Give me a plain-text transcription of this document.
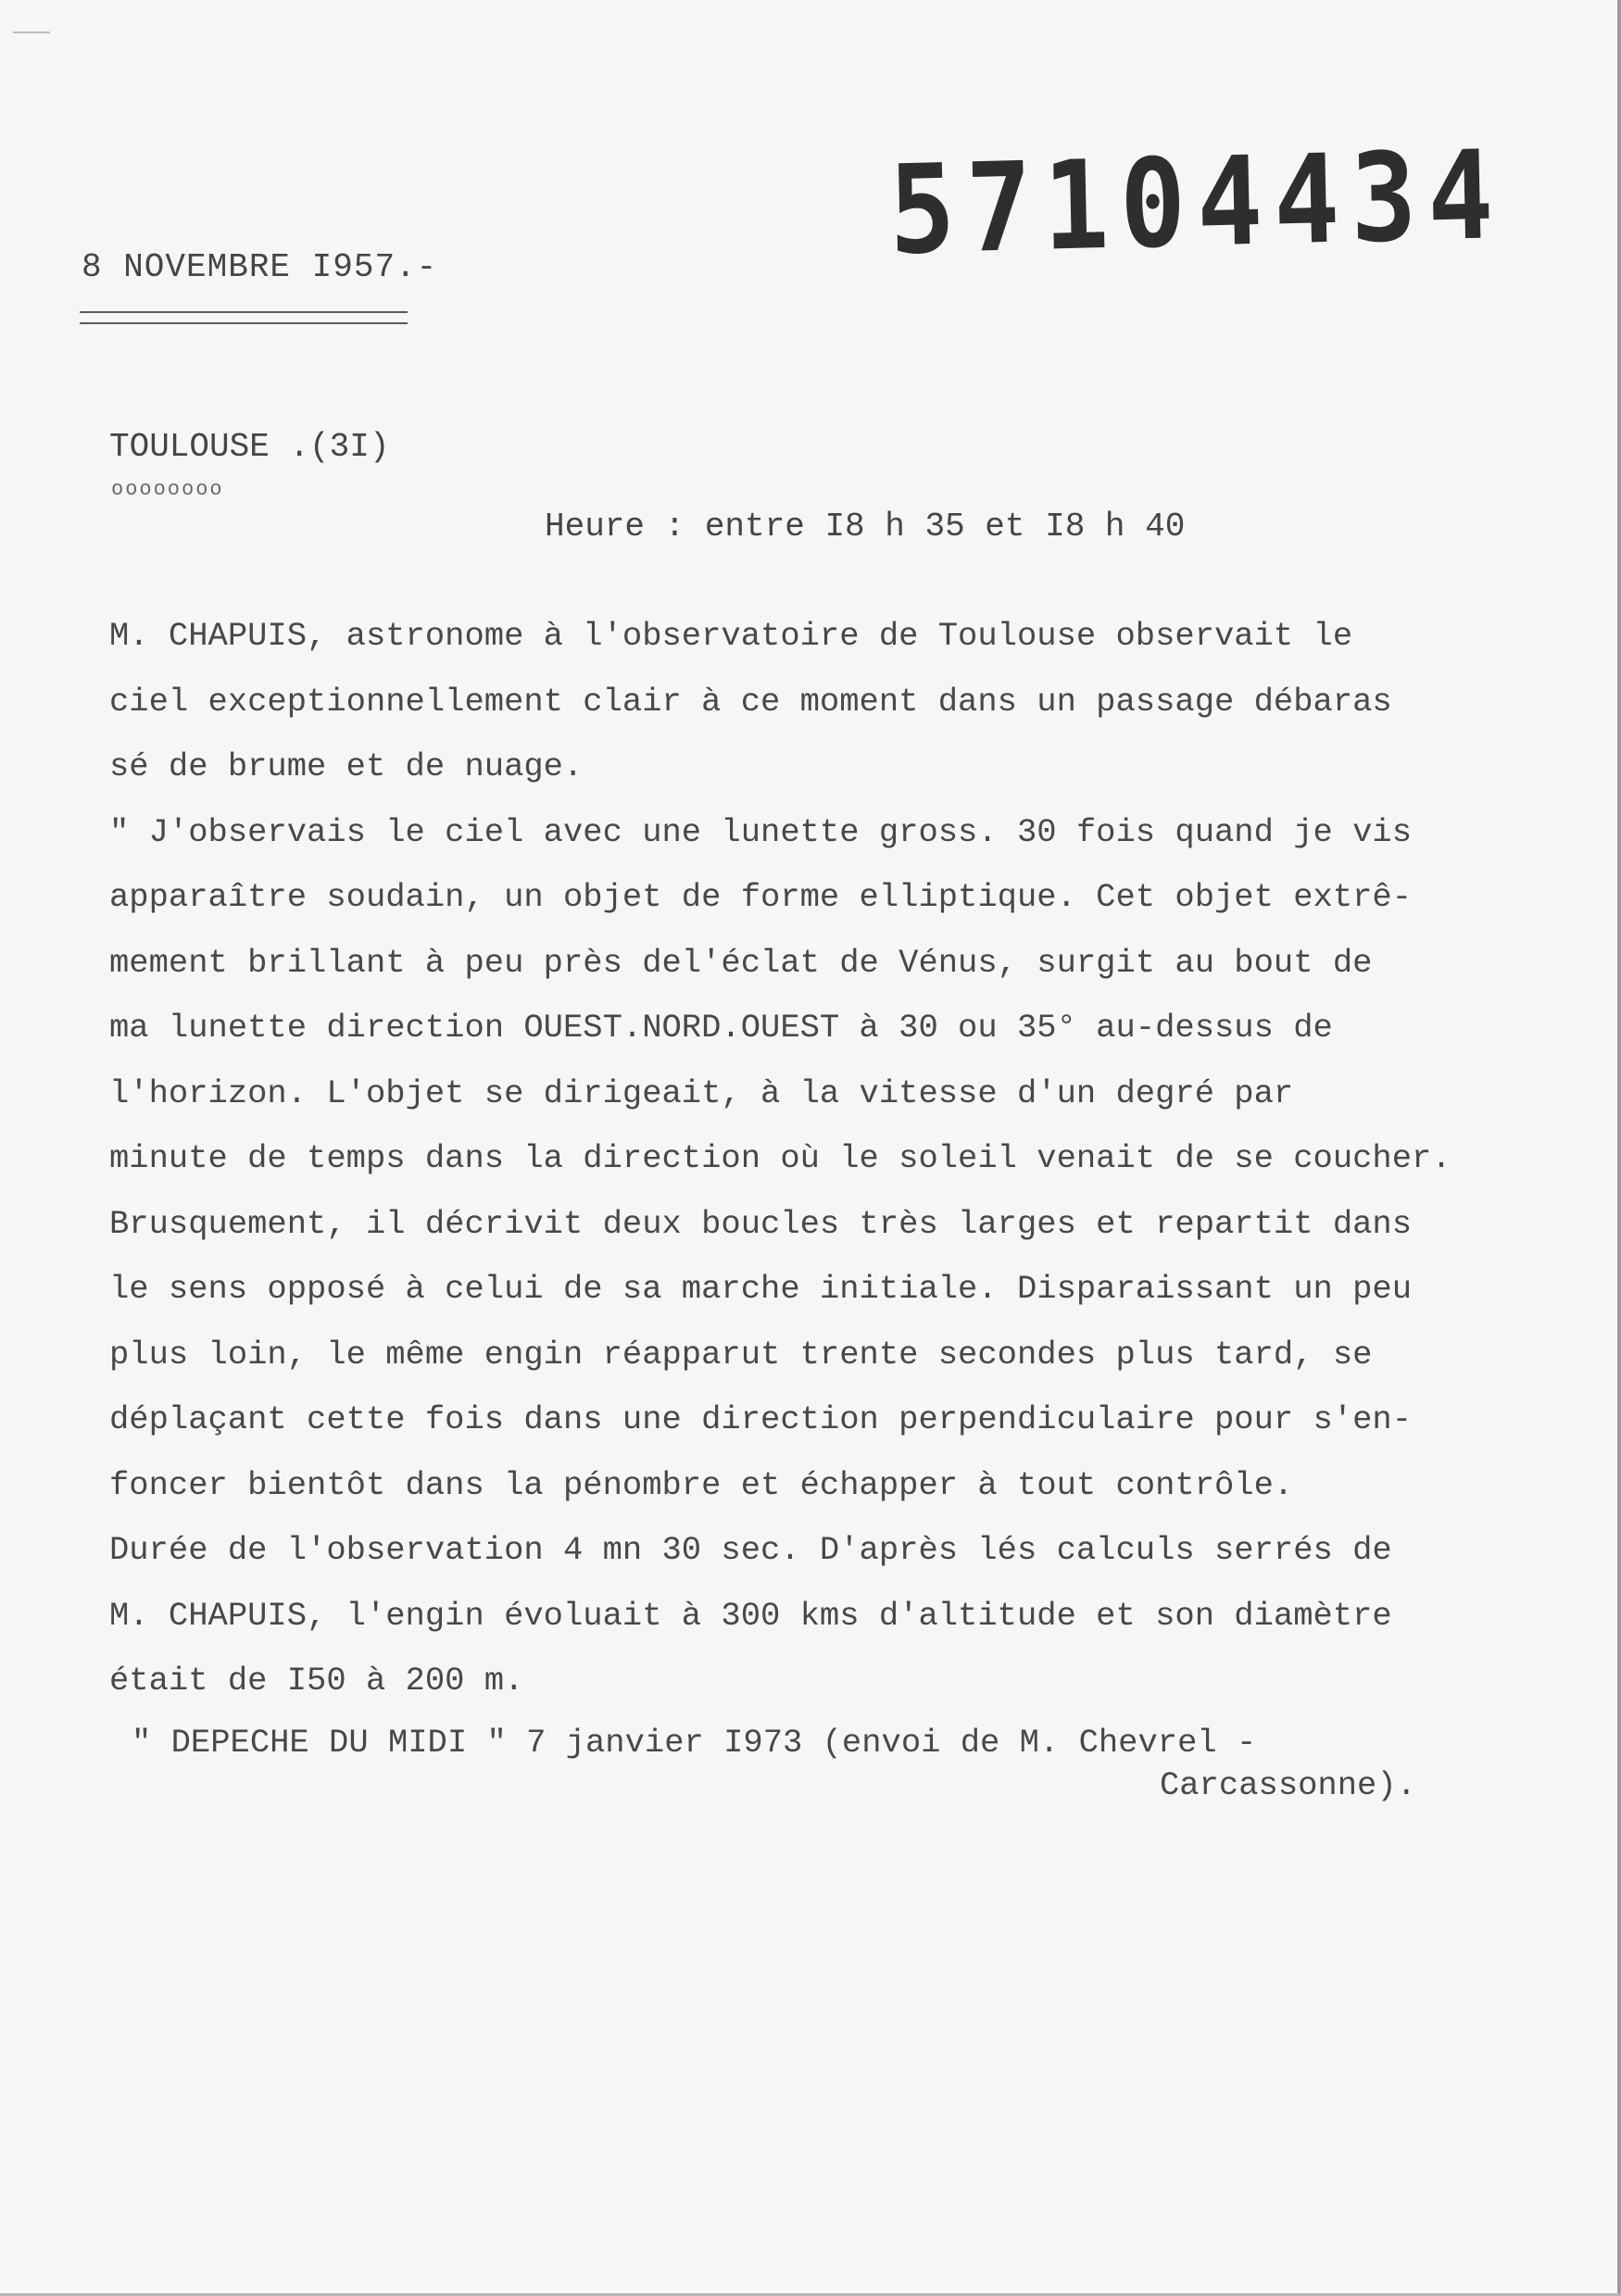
8 NOVEMBRE I957.-	57104434
TOULOUSE .(3I)
oooooooo
Heure : entre I8 h 35 et I8 h 40
M. CHAPUIS, astronome à l'observatoire de Toulouse observait le
ciel exceptionnellement clair à ce moment dans un passage débaras
sé de brume et de nuage.
" J'observais le ciel avec une lunette gross. 30 fois quand je vis
apparaître soudain, un objet de forme elliptique. Cet objet extrê-
mement brillant à peu près del'éclat de Vénus, surgit au bout de
ma lunette direction OUEST.NORD.OUEST à 30 ou 35° au-dessus de
l'horizon. L'objet se dirigeait, à la vitesse d'un degré par
minute de temps dans la direction où le soleil venait de se coucher.
Brusquement, il décrivit deux boucles très larges et repartit dans
le sens opposé à celui de sa marche initiale. Disparaissant un peu
plus loin, le même engin réapparut trente secondes plus tard, se
déplaçant cette fois dans une direction perpendiculaire pour s'en-
foncer bientôt dans la pénombre et échapper à tout contrôle.
Durée de l'observation 4 mn 30 sec. D'après lés calculs serrés de
M. CHAPUIS, l'engin évoluait à 300 kms d'altitude et son diamètre
était de I50 à 200 m.
" DEPECHE DU MIDI " 7 janvier I973 (envoi de M. Chevrel -
Carcassonne).
